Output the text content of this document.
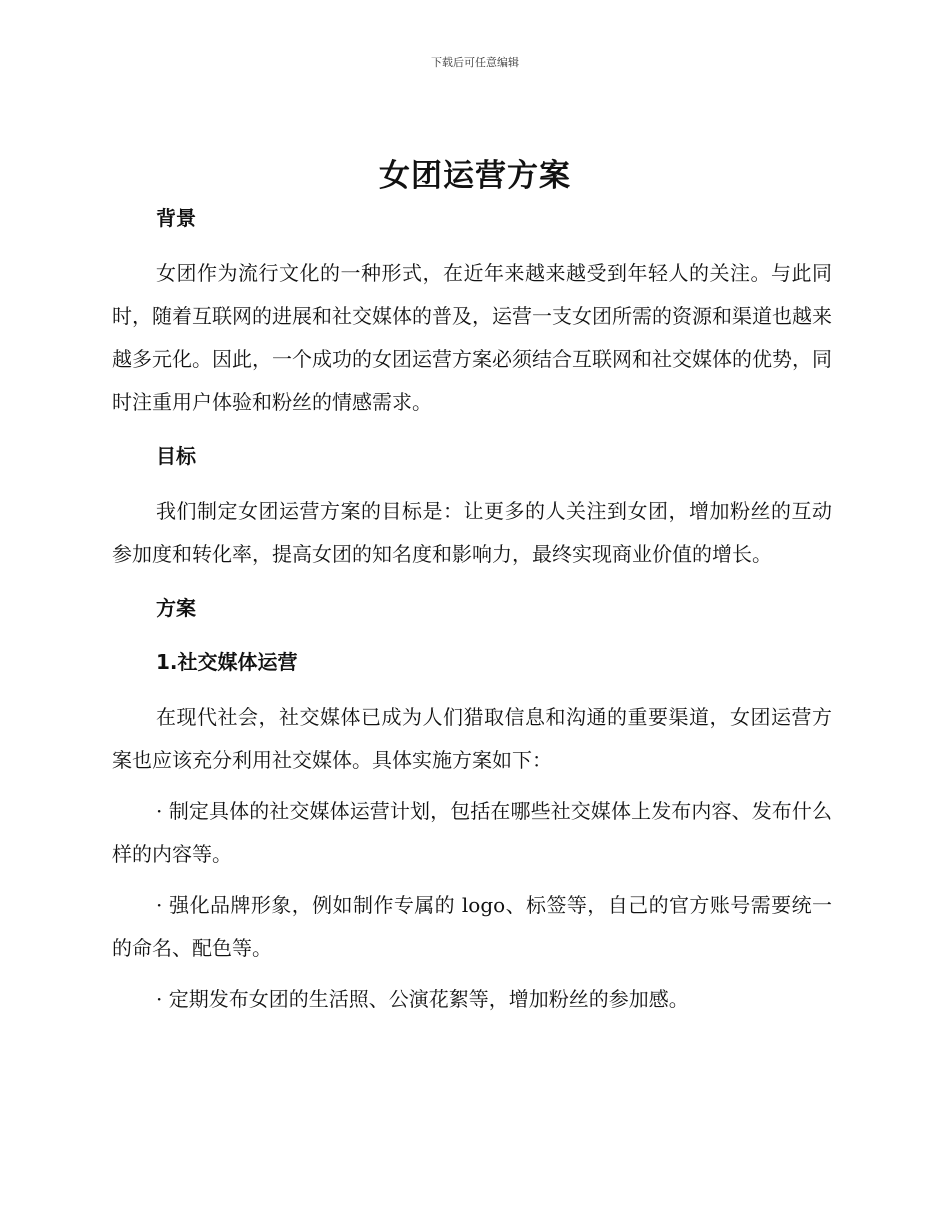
下载后可任意编辑
女团运营方案
背景

女团作为流行文化的一种形式，在近年来越来越受到年轻人的关注。与此同时，随着互联网的进展和社交媒体的普及，运营一支女团所需的资源和渠道也越来越多元化。因此，一个成功的女团运营方案必须结合互联网和社交媒体的优势，同时注重用户体验和粉丝的情感需求。

目标

我们制定女团运营方案的目标是：让更多的人关注到女团，增加粉丝的互动参加度和转化率，提高女团的知名度和影响力，最终实现商业价值的增长。

方案
1.社交媒体运营

在现代社会，社交媒体已成为人们猎取信息和沟通的重要渠道，女团运营方案也应该充分利用社交媒体。具体实施方案如下：

· 制定具体的社交媒体运营计划，包括在哪些社交媒体上发布内容、发布什么样的内容等。

· 强化品牌形象，例如制作专属的 logo、标签等，自己的官方账号需要统一的命名、配色等。

· 定期发布女团的生活照、公演花絮等，增加粉丝的参加感。
